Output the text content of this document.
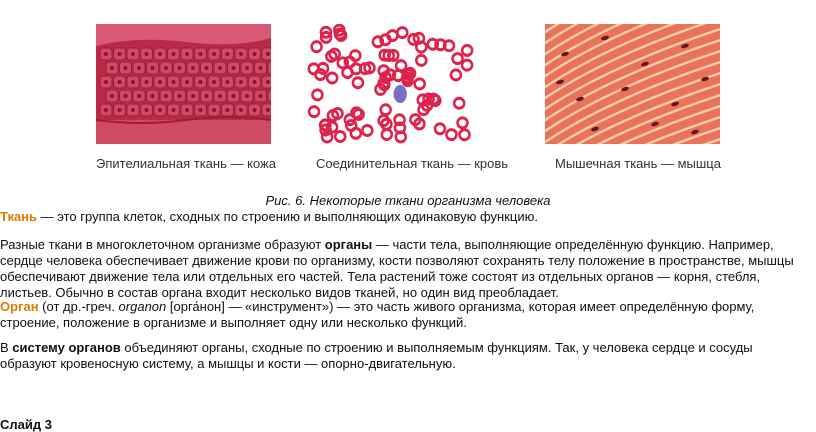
Эпителиальная ткань — кожа	Соединительная ткань — кровь	Мышечная ткань — мышца
Рис. 6. Некоторые ткани организма человека
Ткань — это группа клеток, сходных по строению и выполняющих одинаковую функцию.
Разные ткани в многоклеточном организме образуют органы — части тела, выполняющие определённую функцию. Например, сердце человека обеспечивает движение крови по организму, кости позволяют сохранять телу положение в пространстве, мышцы обеспечивают движение тела или отдельных его частей. Тела растений тоже состоят из отдельных органов — корня, стебля, листьев. Обычно в состав органа входит несколько видов тканей, но один вид преобладает.
Орган (от др.-греч. organon [орга́нон] — «инструмент») — это часть живого организма, которая имеет определённую форму, строение, положение в организме и выполняет одну или несколько функций.
В систему органов объединяют органы, сходные по строению и выполняемым функциям. Так, у человека сердце и сосуды образуют кровеносную систему, а мышцы и кости — опорно-двигательную.
Слайд 3
